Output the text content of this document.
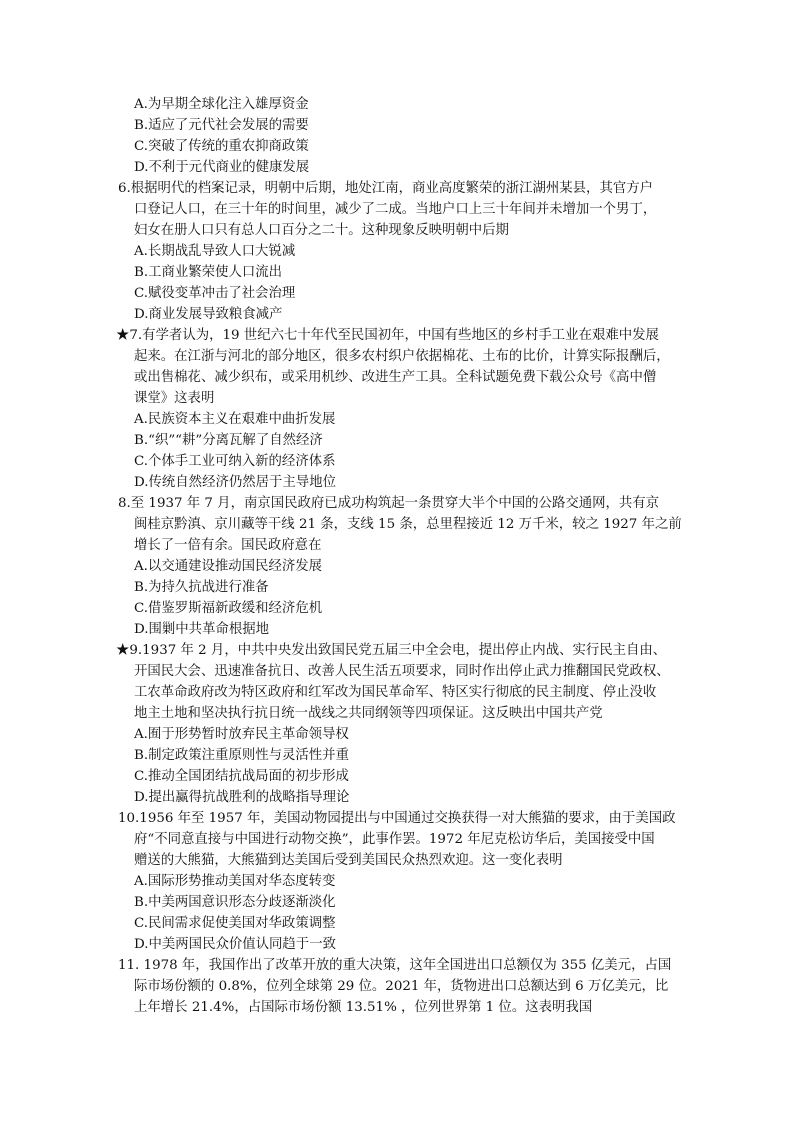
A.为早期全球化注入雄厚资金
B.适应了元代社会发展的需要
C.突破了传统的重农抑商政策
D.不利于元代商业的健康发展
6.根据明代的档案记录，明朝中后期，地处江南，商业高度繁荣的浙江湖州某县，其官方户
口登记人口，在三十年的时间里，减少了二成。当地户口上三十年间并未增加一个男丁，
妇女在册人口只有总人口百分之二十。这种现象反映明朝中后期
A.长期战乱导致人口大锐减
B.工商业繁荣使人口流出
C.赋役变革冲击了社会治理
D.商业发展导致粮食减产
★7.有学者认为，19 世纪六七十年代至民国初年，中国有些地区的乡村手工业在艰难中发展
起来。在江浙与河北的部分地区，很多农村织户依据棉花、土布的比价，计算实际报酬后，
或出售棉花、减少织布，或采用机纱、改进生产工具。全科试题免费下载公众号《高中僧
课堂》这表明
A.民族资本主义在艰难中曲折发展
B.“织”“耕”分离瓦解了自然经济
C.个体手工业可纳入新的经济体系
D.传统自然经济仍然居于主导地位
8.至 1937 年 7 月，南京国民政府已成功构筑起一条贯穿大半个中国的公路交通网，共有京
闽桂京黔滇、京川藏等干线 21 条，支线 15 条，总里程接近 12 万千米，较之 1927 年之前
增长了一倍有余。国民政府意在
A.以交通建设推动国民经济发展
B.为持久抗战进行准备
C.借鉴罗斯福新政缓和经济危机
D.围剿中共革命根据地
★9.1937 年 2 月，中共中央发出致国民党五届三中全会电，提出停止内战、实行民主自由、
开国民大会、迅速准备抗日、改善人民生活五项要求，同时作出停止武力推翻国民党政权、
工农革命政府改为特区政府和红军改为国民革命军、特区实行彻底的民主制度、停止没收
地主土地和坚决执行抗日统一战线之共同纲领等四项保证。这反映出中国共产党
A.囿于形势暂时放弃民主革命领导权
B.制定政策注重原则性与灵活性并重
C.推动全国团结抗战局面的初步形成
D.提出赢得抗战胜利的战略指导理论
10.1956 年至 1957 年，美国动物园提出与中国通过交换获得一对大熊猫的要求，由于美国政
府“不同意直接与中国进行动物交换”，此事作罢。1972 年尼克松访华后，美国接受中国
赠送的大熊猫，大熊猫到达美国后受到美国民众热烈欢迎。这一变化表明
A.国际形势推动美国对华态度转变
B.中美两国意识形态分歧逐渐淡化
C.民间需求促使美国对华政策调整
D.中美两国民众价值认同趋于一致
11. 1978 年，我国作出了改革开放的重大决策，这年全国进出口总额仅为 355 亿美元，占国
际市场份额的 0.8%，位列全球第 29 位。2021 年，货物进出口总额达到 6 万亿美元，比
上年增长 21.4%，占国际市场份额 13.51% ，位列世界第 1 位。这表明我国
